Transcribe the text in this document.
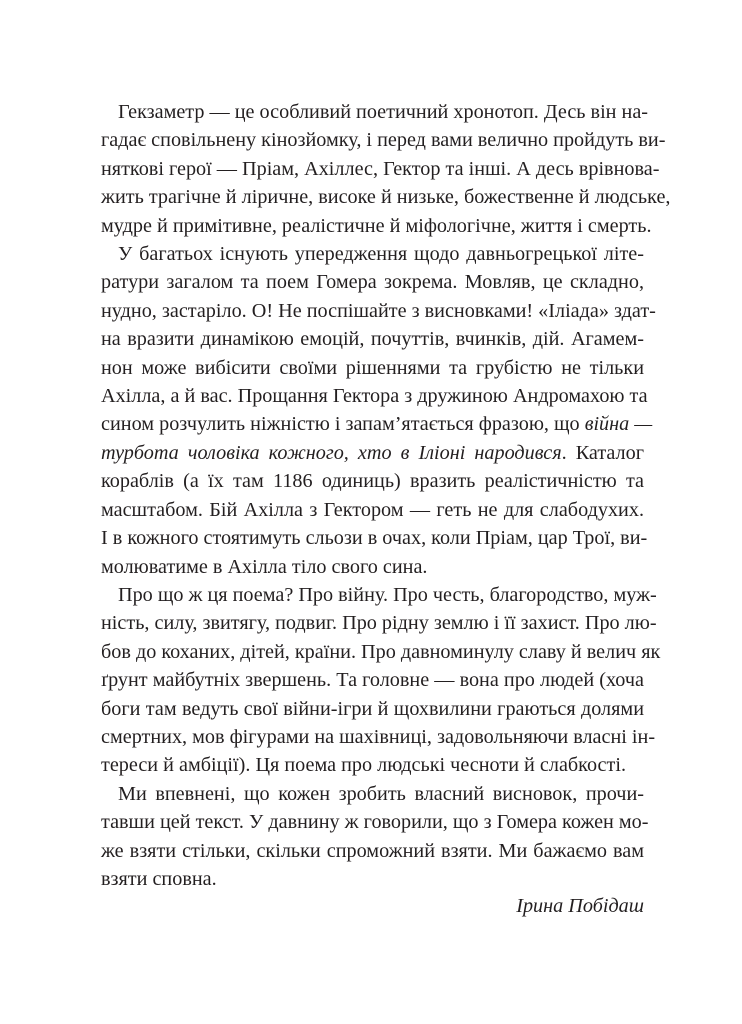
Гекзаметр — це особливий поетичний хронотоп. Десь він на-
гадає сповільнену кінозйомку, і перед вами велично пройдуть ви-
няткові герої — Пріам, Ахіллес, Гектор та інші. А десь врівнова-
жить трагічне й ліричне, високе й низьке, божественне й людське,
мудре й примітивне, реалістичне й міфологічне, життя і смерть.
У багатьох існують упередження щодо давньогрецької літе-
ратури загалом та поем Гомера зокрема. Мовляв, це складно,
нудно, застаріло. О! Не поспішайте з висновками! «Іліада» здат-
на вразити динамікою емоцій, почуттів, вчинків, дій. Агамем-
нон може вибісити своїми рішеннями та грубістю не тільки
Ахілла, а й вас. Прощання Гектора з дружиною Андромахою та
сином розчулить ніжністю і запам’ятається фразою, що війна —
турбота чоловіка кожного, хто в Іліоні народився. Каталог
кораблів (а їх там 1186 одиниць) вразить реалістичністю та
масштабом. Бій Ахілла з Гектором — геть не для слабодухих.
І в кожного стоятимуть сльози в очах, коли Пріам, цар Трої, ви-
молюватиме в Ахілла тіло свого сина.
Про що ж ця поема? Про війну. Про честь, благородство, муж-
ність, силу, звитягу, подвиг. Про рідну землю і її захист. Про лю-
бов до коханих, дітей, країни. Про давноминулу славу й велич як
ґрунт майбутніх звершень. Та головне — вона про людей (хоча
боги там ведуть свої війни-ігри й щохвилини граються долями
смертних, мов фігурами на шахівниці, задовольняючи власні ін-
тереси й амбіції). Ця поема про людські чесноти й слабкості.
Ми впевнені, що кожен зробить власний висновок, прочи-
тавши цей текст. У давнину ж говорили, що з Гомера кожен мо-
же взяти стільки, скільки спроможний взяти. Ми бажаємо вам
взяти сповна.
Ірина Побідаш
